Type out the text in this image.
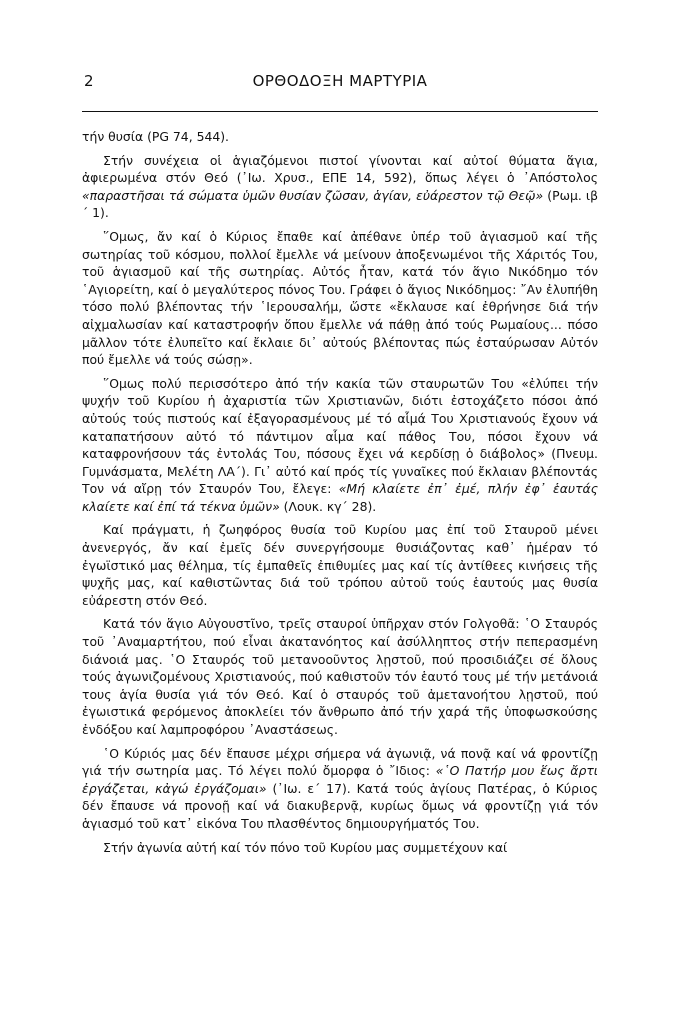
2	ΟΡΘΟΔΟΞΗ ΜΑΡΤΥΡΙΑ

τήν θυσία (PG 74, 544).

Στήν συνέχεια οἱ ἁγιαζόμενοι πιστοί γίνονται καί αὐτοί θύματα ἅγια, ἀφιερωμένα στόν Θεό (᾿Ιω. Χρυσ., ΕΠΕ 14, 592), ὅπως λέγει ὁ ᾿Απόστολος «παραστῆσαι τά σώματα ὑμῶν θυσίαν ζῶσαν, ἁγίαν, εὐάρεστον τῷ Θεῷ» (Ρωμ. ιβ´ 1).

῞Ομως, ἄν καί ὁ Κύριος ἔπαθε καί ἀπέθανε ὑπέρ τοῦ ἁγιασμοῦ καί τῆς σωτηρίας τοῦ κόσμου, πολλοί ἔμελλε νά μείνουν ἀποξενωμένοι τῆς Χάριτός Του, τοῦ ἁγιασμοῦ καί τῆς σωτηρίας. Αὐτός ἦταν, κατά τόν ἅγιο Νικόδημο τόν ῾Αγιορείτη, καί ὁ μεγαλύτερος πόνος Του. Γράφει ὁ ἅγιος Νικόδημος: ῎Αν ἐλυπήθη τόσο πολύ βλέποντας τήν ῾Ιερουσαλήμ, ὥστε «ἔκλαυσε καί ἐθρήνησε διά τήν αἰχμαλωσίαν καί καταστροφήν ὅπου ἔμελλε νά πάθῃ ἀπό τούς Ρωμαίους... πόσο μᾶλλον τότε ἐλυπεῖτο καί ἔκλαιε δι᾿ αὐτούς βλέποντας πώς ἐσταύρωσαν Αὐτόν πού ἔμελλε νά τούς σώσῃ».

῞Ομως πολύ περισσότερο ἀπό τήν κακία τῶν σταυρωτῶν Του «ἐλύπει τήν ψυχήν τοῦ Κυρίου ἡ ἀχαριστία τῶν Χριστιανῶν, διότι ἐστοχάζετο πόσοι ἀπό αὐτούς τούς πιστούς καί ἐξαγορασμένους μέ τό αἷμά Του Χριστιανούς ἔχουν νά καταπατήσουν αὐτό τό πάντιμον αἷμα καί πάθος Του, πόσοι ἔχουν νά καταφρονήσουν τάς ἐντολάς Του, πόσους ἔχει νά κερδίσῃ ὁ διάβολος» (Πνευμ. Γυμνάσματα, Μελέτη ΛΑ´). Γι᾿ αὐτό καί πρός τίς γυναῖκες πού ἔκλαιαν βλέποντάς Τον νά αἴρῃ τόν Σταυρόν Του, ἔλεγε: «Μή κλαίετε ἐπ᾿ ἐμέ, πλήν ἐφ᾿ ἑαυτάς κλαίετε καί ἐπί τά τέκνα ὑμῶν» (Λουκ. κγ´ 28).

Καί πράγματι, ἡ ζωηφόρος θυσία τοῦ Κυρίου μας ἐπί τοῦ Σταυροῦ μένει ἀνενεργός, ἄν καί ἐμεῖς δέν συνεργήσουμε θυσιάζοντας καθ᾿ ἡμέραν τό ἐγωϊστικό μας θέλημα, τίς ἐμπαθεῖς ἐπιθυμίες μας καί τίς ἀντίθεες κινήσεις τῆς ψυχῆς μας, καί καθιστῶντας διά τοῦ τρόπου αὐτοῦ τούς ἑαυτούς μας θυσία εὐάρεστη στόν Θεό.

Κατά τόν ἅγιο Αὐγουστῖνο, τρεῖς σταυροί ὑπῆρχαν στόν Γολγοθᾶ: ῾Ο Σταυρός τοῦ ᾿Αναμαρτήτου, πού εἶναι ἀκατανόητος καί ἀσύλληπτος στήν πεπερασμένη διάνοιά μας. ῾Ο Σταυρός τοῦ μετανοοῦντος λῃστοῦ, πού προσιδιάζει σέ ὅλους τούς ἀγωνιζομένους Χριστιανούς, πού καθιστοῦν τόν ἑαυτό τους μέ τήν μετάνοιά τους ἁγία θυσία γιά τόν Θεό. Καί ὁ σταυρός τοῦ ἀμετανοήτου λῃστοῦ, πού ἐγωιστικά φερόμενος ἀποκλείει τόν ἄνθρωπο ἀπό τήν χαρά τῆς ὑποφωσκούσης ἐνδόξου καί λαμπροφόρου ᾿Αναστάσεως.

῾Ο Κύριός μας δέν ἔπαυσε μέχρι σήμερα νά ἀγωνιᾷ, νά πονᾷ καί νά φροντίζῃ γιά τήν σωτηρία μας. Τό λέγει πολύ ὄμορφα ὁ ῎Ιδιος: «῾Ο Πατήρ μου ἕως ἄρτι ἐργάζεται, κἀγώ ἐργάζομαι» (᾿Ιω. ε´ 17). Κατά τούς ἁγίους Πατέρας, ὁ Κύριος δέν ἔπαυσε νά προνοῇ καί νά διακυβερνᾷ, κυρίως ὅμως νά φροντίζῃ γιά τόν ἁγιασμό τοῦ κατ᾿ εἰκόνα Του πλασθέντος δημιουργήματός Του.

Στήν ἀγωνία αὐτή καί τόν πόνο τοῦ Κυρίου μας συμμετέχουν καί
